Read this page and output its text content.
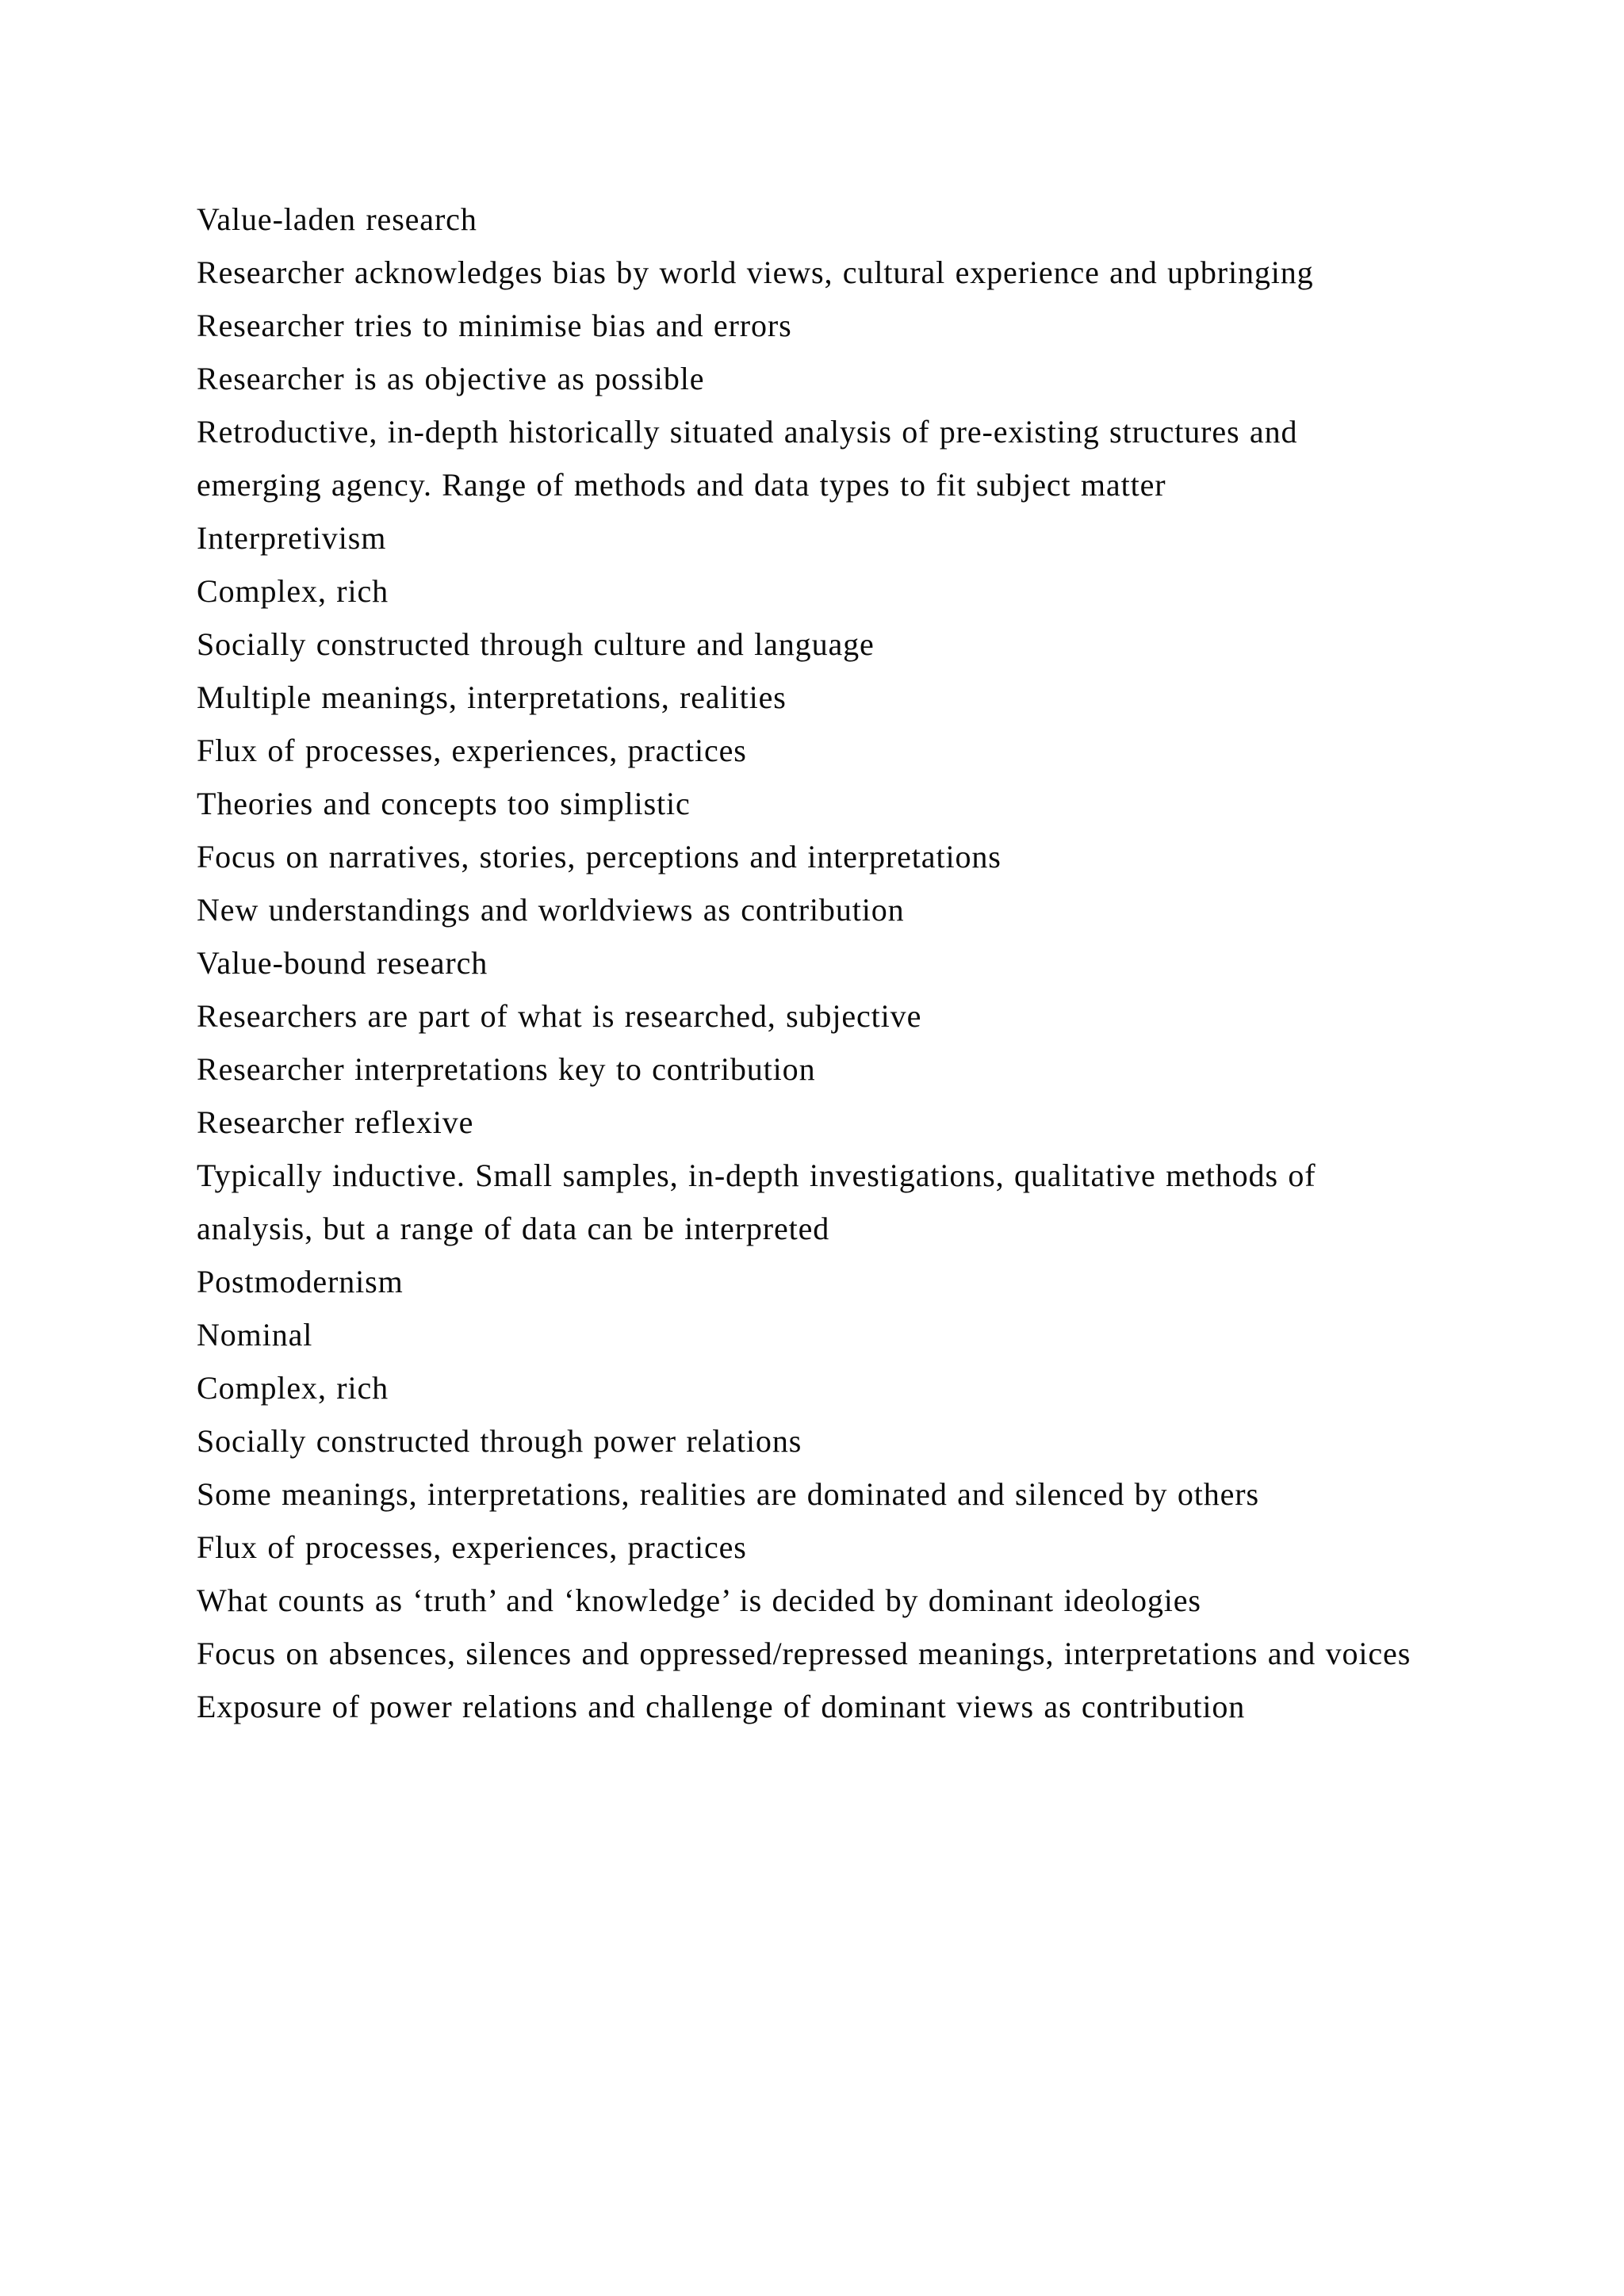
Value-laden research

Researcher acknowledges bias by world views, cultural experience and upbringing

Researcher tries to minimise bias and errors

Researcher is as objective as possible

Retroductive, in-depth historically situated analysis of pre-existing structures and emerging agency. Range of methods and data types to fit subject matter

Interpretivism

Complex, rich

Socially constructed through culture and language

Multiple meanings, interpretations, realities

Flux of processes, experiences, practices

Theories and concepts too simplistic

Focus on narratives, stories, perceptions and interpretations

New understandings and worldviews as contribution

Value-bound research

Researchers are part of what is researched, subjective

Researcher interpretations key to contribution

Researcher reflexive

Typically inductive. Small samples, in-depth investigations, qualitative methods of analysis, but a range of data can be interpreted

Postmodernism

Nominal

Complex, rich

Socially constructed through power relations

Some meanings, interpretations, realities are dominated and silenced by others

Flux of processes, experiences, practices

What counts as ‘truth’ and ‘knowledge’ is decided by dominant ideologies

Focus on absences, silences and oppressed/repressed meanings, interpretations and voices

Exposure of power relations and challenge of dominant views as contribution
